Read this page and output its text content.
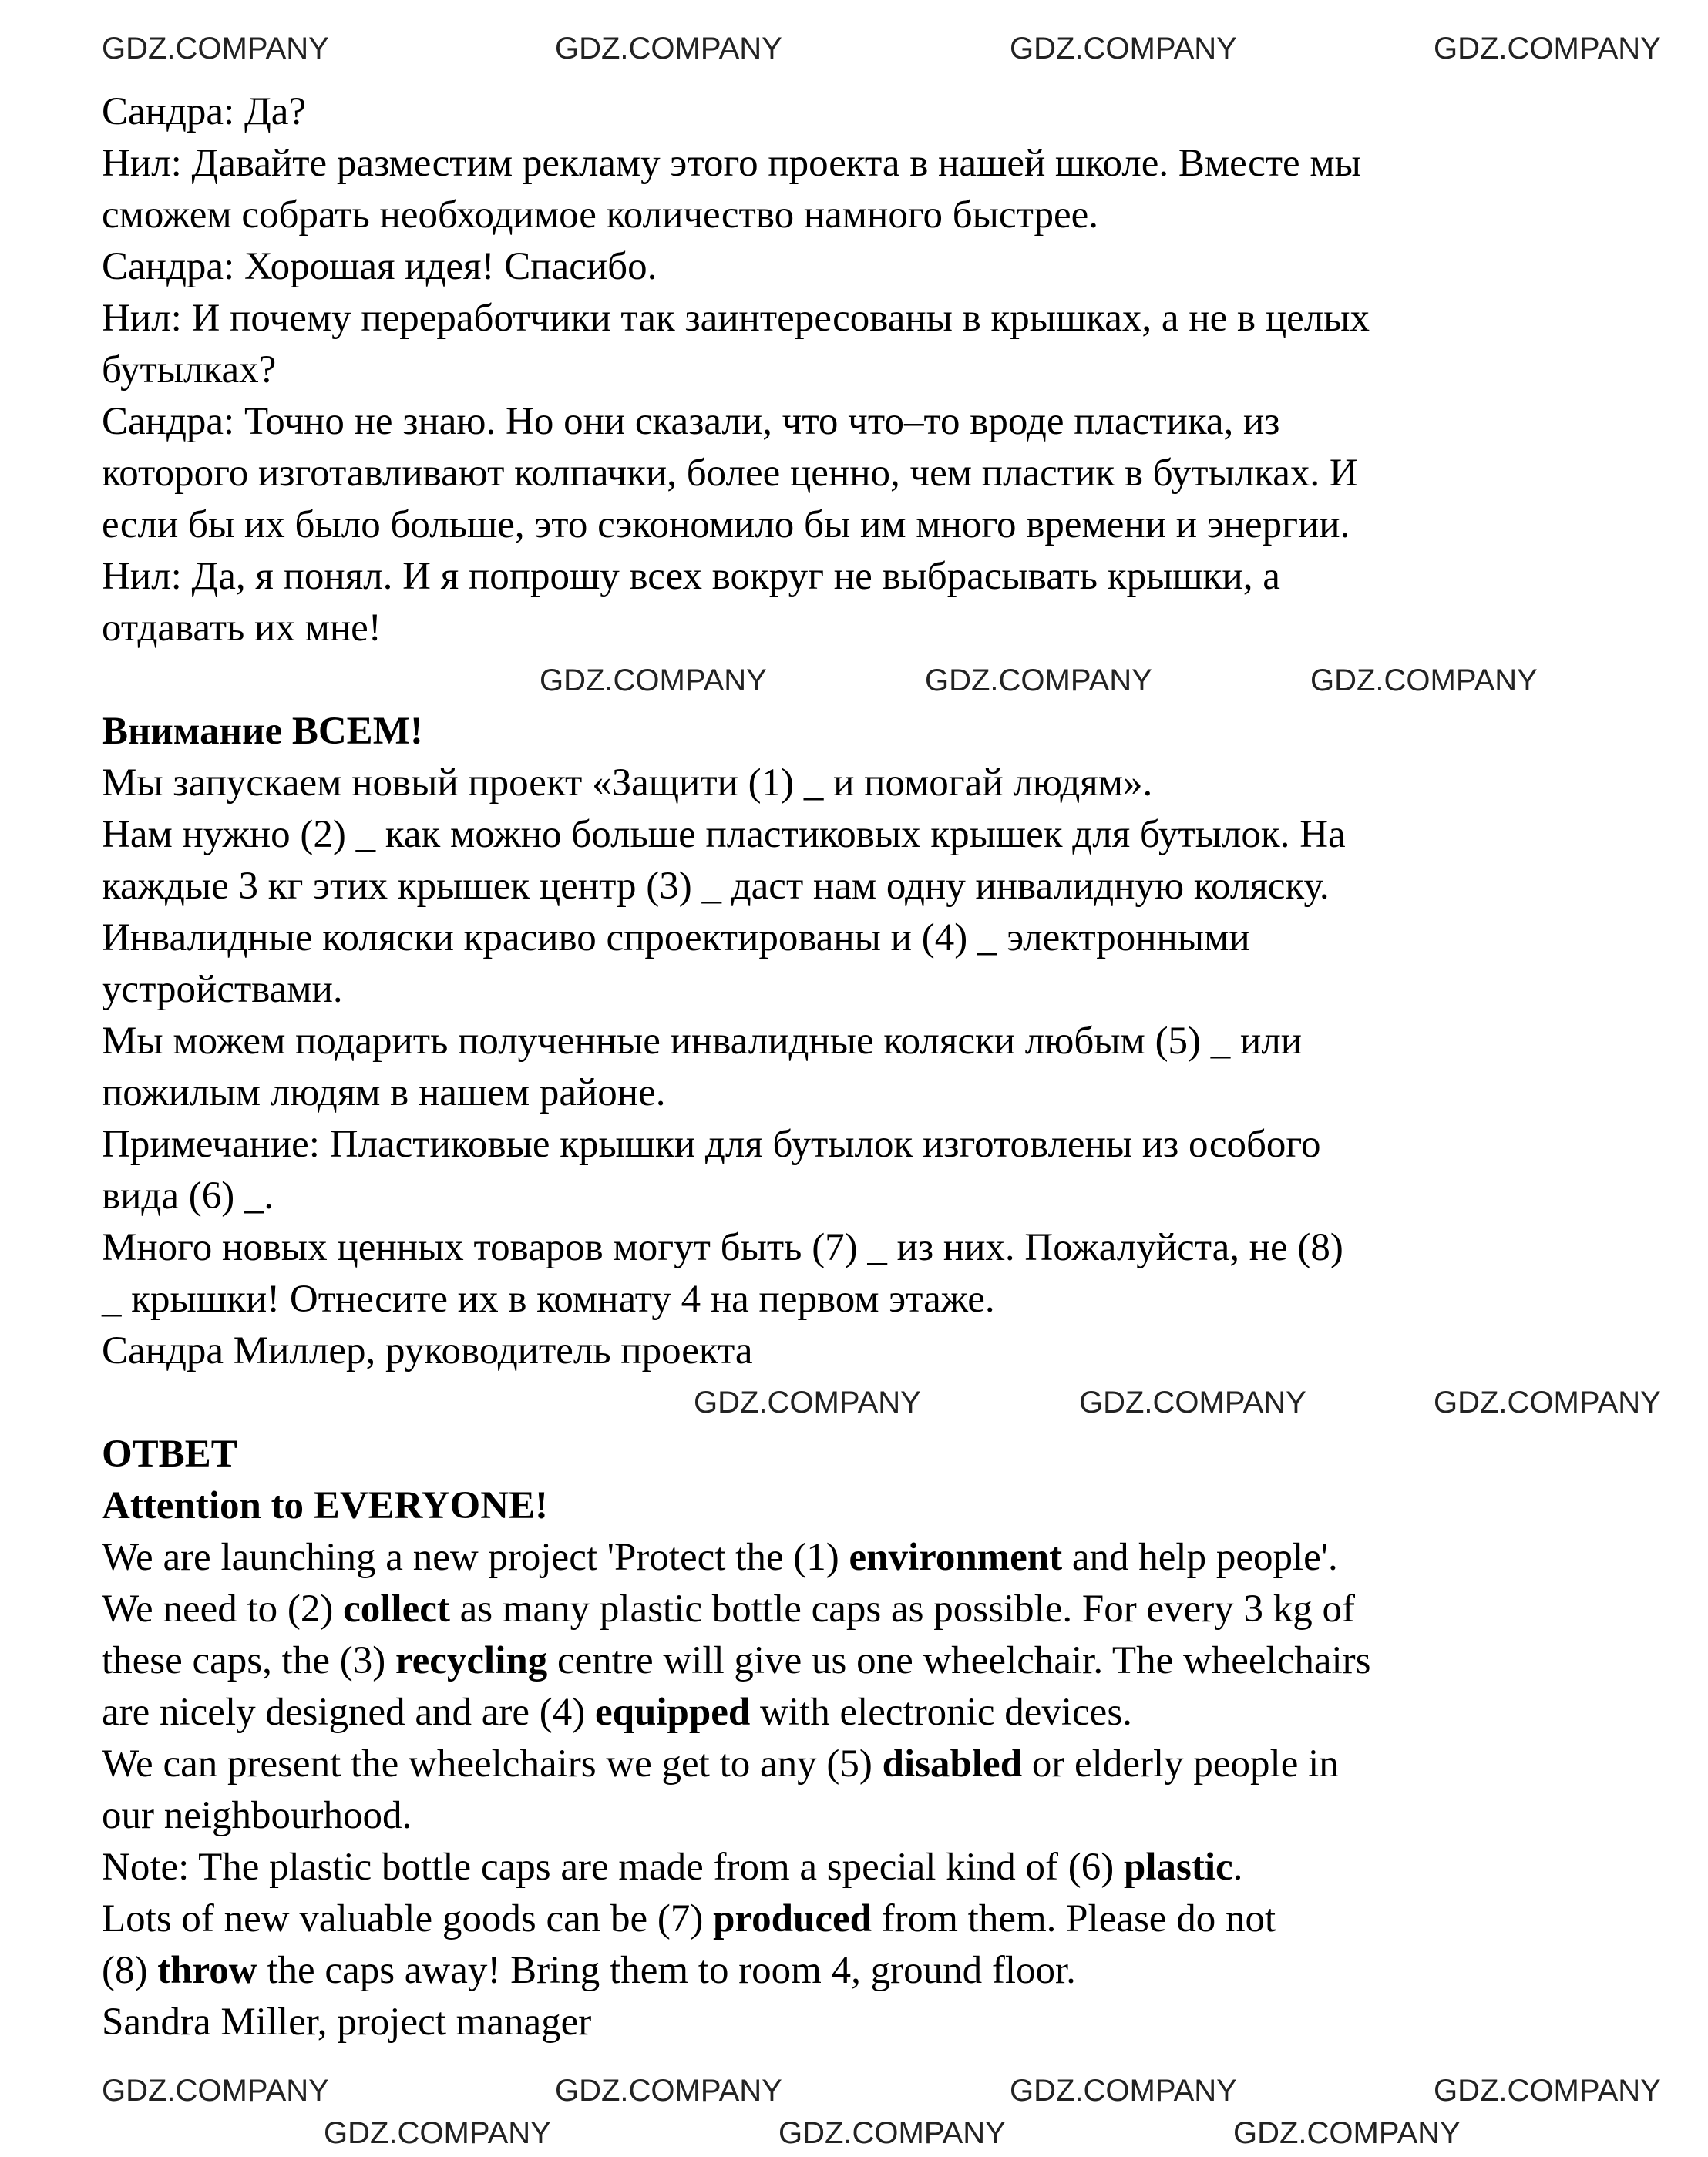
Сандра: Да?
Нил: Давайте разместим рекламу этого проекта в нашей школе. Вместе мы
сможем собрать необходимое количество намного быстрее.
Сандра: Хорошая идея! Спасибо.
Нил: И почему переработчики так заинтересованы в крышках, а не в целых
бутылках?
Сандра: Точно не знаю. Но они сказали, что что–то вроде пластика, из
которого изготавливают колпачки, более ценно, чем пластик в бутылках. И
если бы их было больше, это сэкономило бы им много времени и энергии.
Нил: Да, я понял. И я попрошу всех вокруг не выбрасывать крышки, а
отдавать их мне!
Внимание ВСЕМ!
Мы запускаем новый проект «Защити (1) _ и помогай людям».
Нам нужно (2) _ как можно больше пластиковых крышек для бутылок. На
каждые 3 кг этих крышек центр (3) _ даст нам одну инвалидную коляску.
Инвалидные коляски красиво спроектированы и (4) _ электронными
устройствами.
Мы можем подарить полученные инвалидные коляски любым (5) _ или
пожилым людям в нашем районе.
Примечание: Пластиковые крышки для бутылок изготовлены из особого
вида (6) _.
Много новых ценных товаров могут быть (7) _ из них. Пожалуйста, не (8)
_ крышки! Отнесите их в комнату 4 на первом этаже.
Сандра Миллер, руководитель проекта
ОТВЕТ
Attention to EVERYONE!
We are launching a new project 'Protect the (1) environment and help people'.
We need to (2) collect as many plastic bottle caps as possible. For every 3 kg of
these caps, the (3) recycling centre will give us one wheelchair. The wheelchairs
are nicely designed and are (4) equipped with electronic devices.
We can present the wheelchairs we get to any (5) disabled or elderly people in
our neighbourhood.
Note: The plastic bottle caps are made from a special kind of (6) plastic.
Lots of new valuable goods can be (7) produced from them. Please do not
(8) throw the caps away! Bring them to room 4, ground floor.
Sandra Miller, project manager
GDZ.COMPANY	GDZ.COMPANY	GDZ.COMPANY	GDZ.COMPANY
GDZ.COMPANY	GDZ.COMPANY	GDZ.COMPANY
GDZ.COMPANY	GDZ.COMPANY	GDZ.COMPANY
GDZ.COMPANY	GDZ.COMPANY	GDZ.COMPANY	GDZ.COMPANY
GDZ.COMPANY	GDZ.COMPANY	GDZ.COMPANY
